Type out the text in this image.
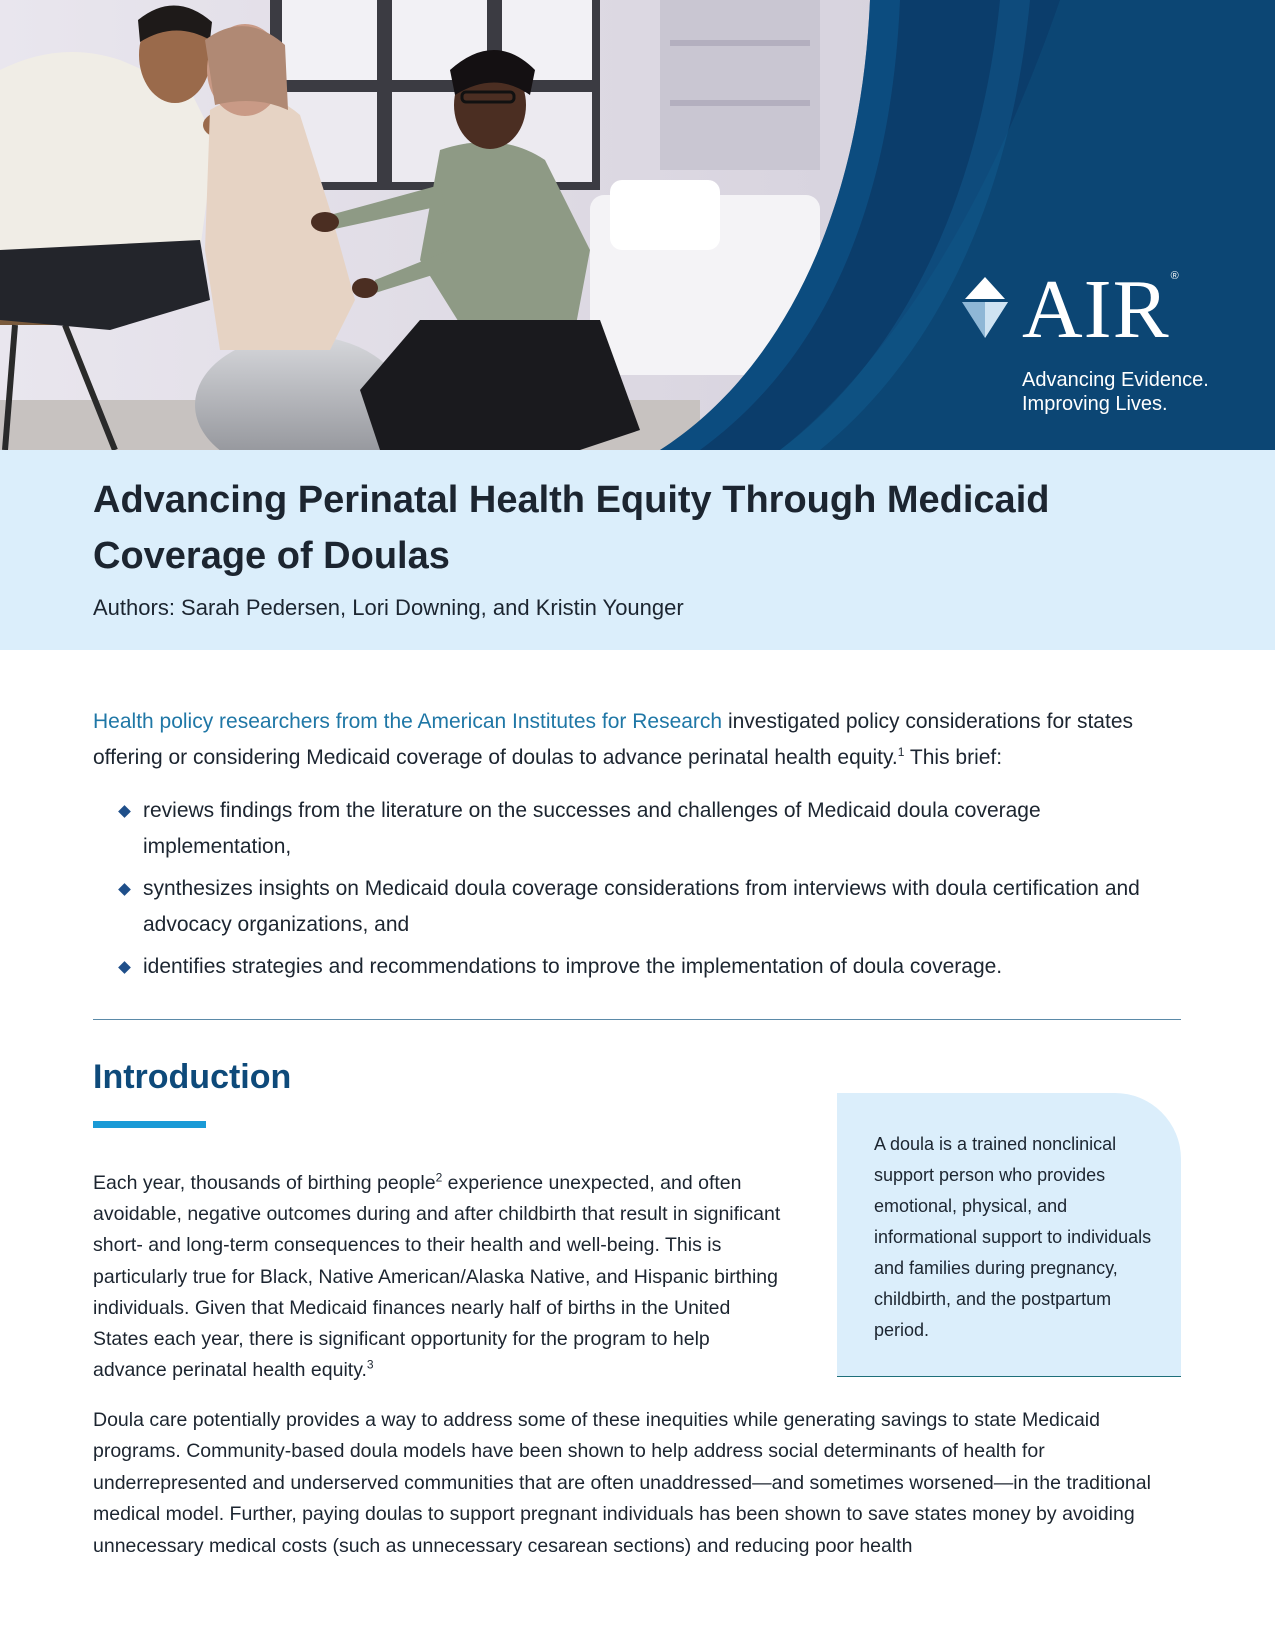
AIR ®
Advancing Evidence.
Improving Lives.
Advancing Perinatal Health Equity Through Medicaid Coverage of Doulas
Authors: Sarah Pedersen, Lori Downing, and Kristin Younger

Health policy researchers from the American Institutes for Research investigated policy considerations for states offering or considering Medicaid coverage of doulas to advance perinatal health equity.$^1$ This brief:

reviews findings from the literature on the successes and challenges of Medicaid doula coverage implementation,
synthesizes insights on Medicaid doula coverage considerations from interviews with doula certification and advocacy organizations, and
identifies strategies and recommendations to improve the implementation of doula coverage.
Introduction

Each year, thousands of birthing people$^2$ experience unexpected, and often avoidable, negative outcomes during and after childbirth that result in significant short- and long-term consequences to their health and well-being. This is particularly true for Black, Native American/Alaska Native, and Hispanic birthing individuals. Given that Medicaid finances nearly half of births in the United States each year, there is significant opportunity for the program to help advance perinatal health equity.$^3$

A doula is a trained nonclinical support person who provides emotional, physical, and informational support to individuals and families during pregnancy, childbirth, and the postpartum period.

Doula care potentially provides a way to address some of these inequities while generating savings to state Medicaid programs. Community-based doula models have been shown to help address social determinants of health for underrepresented and underserved communities that are often unaddressed—and sometimes worsened—in the traditional medical model. Further, paying doulas to support pregnant individuals has been shown to save states money by avoiding unnecessary medical costs (such as unnecessary cesarean sections) and reducing poor health
